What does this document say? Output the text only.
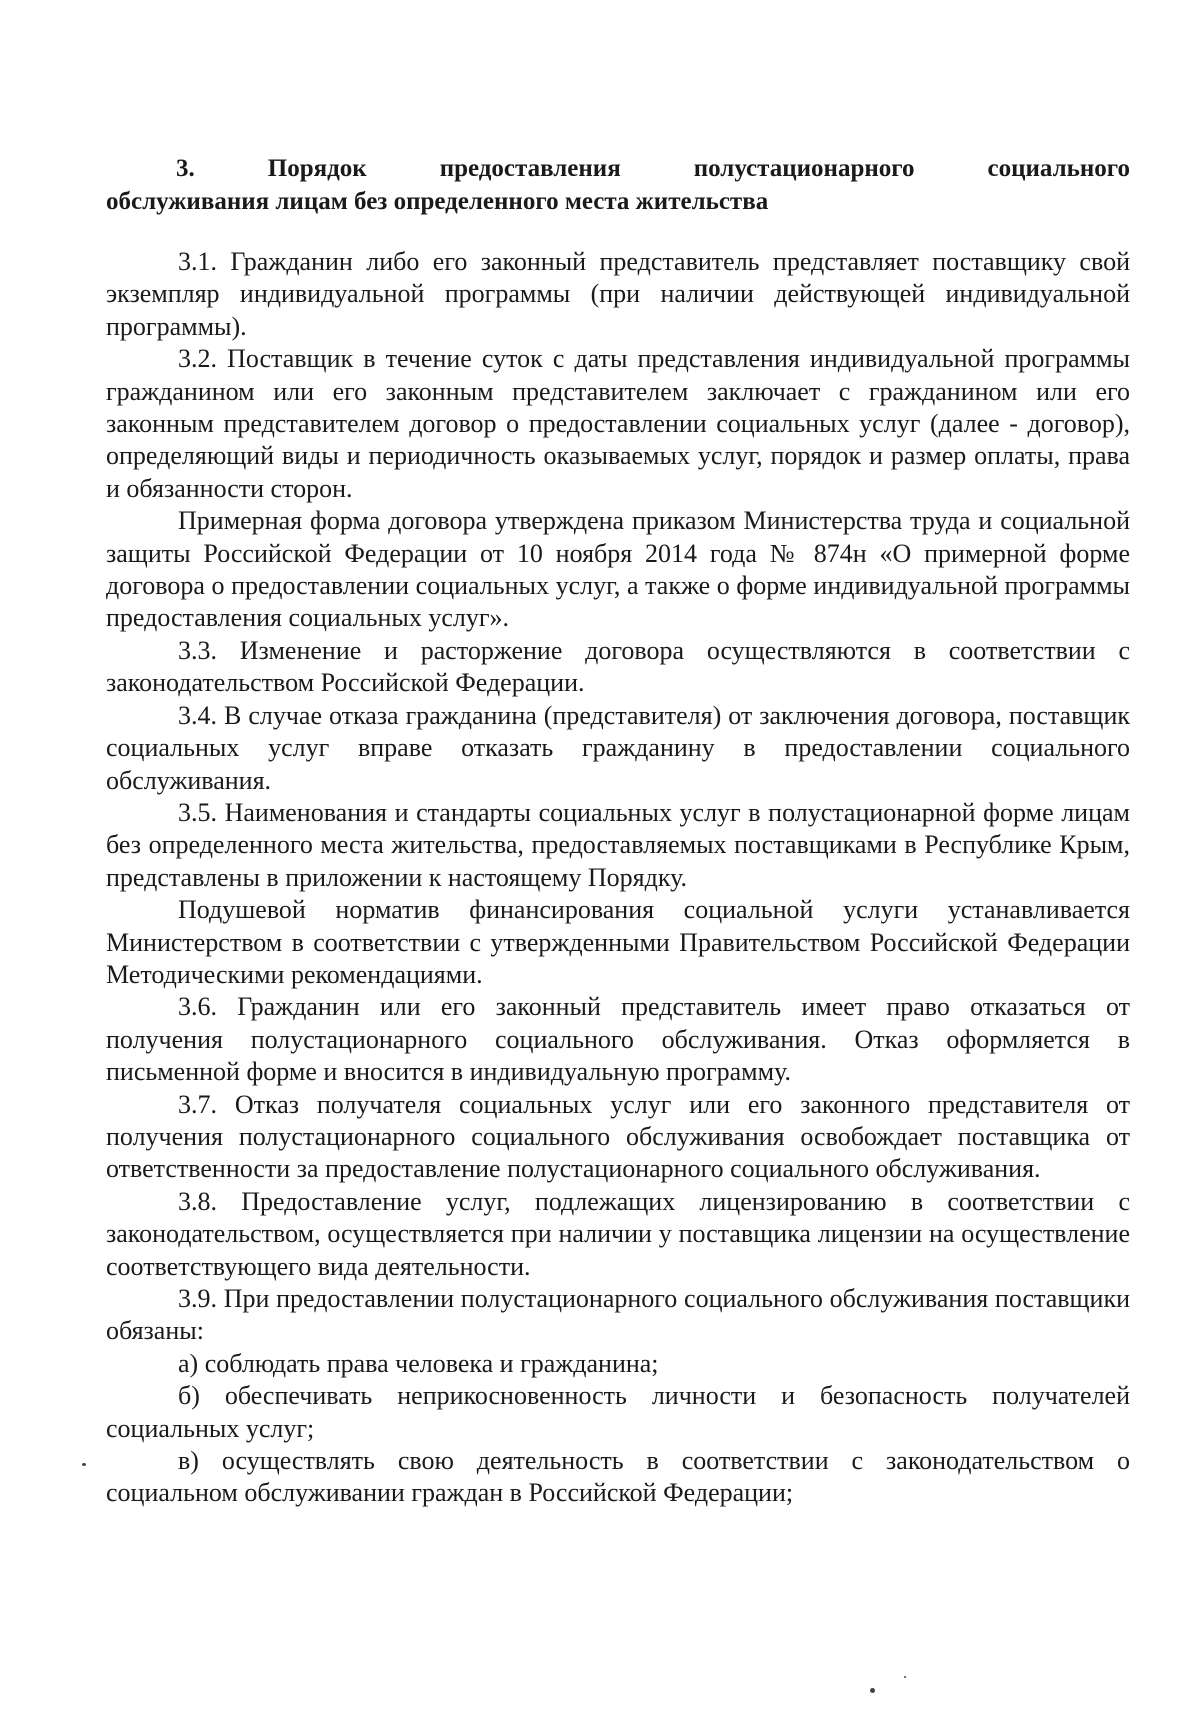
3.	Порядок	предоставления	полустационарного	социального
обслуживания лицам без определенного места жительства

3.1. Гражданин либо его законный представитель представляет поставщику свой экземпляр индивидуальной программы (при наличии действующей индивидуальной программы).

3.2. Поставщик в течение суток с даты представления индивидуальной программы гражданином или его законным представителем заключает с гражданином или его законным представителем договор о предоставлении социальных услуг (далее - договор), определяющий виды и периодичность оказываемых услуг, порядок и размер оплаты, права и обязанности сторон.

Примерная форма договора утверждена приказом Министерства труда и социальной защиты Российской Федерации от 10 ноября 2014 года № 874н «О примерной форме договора о предоставлении социальных услуг, а также о форме индивидуальной программы предоставления социальных услуг».

3.3. Изменение и расторжение договора осуществляются в соответствии с законодательством Российской Федерации.

3.4. В случае отказа гражданина (представителя) от заключения договора, поставщик социальных услуг вправе отказать гражданину в предоставлении социального обслуживания.

3.5. Наименования и стандарты социальных услуг в полустационарной форме лицам без определенного места жительства, предоставляемых поставщиками в Республике Крым, представлены в приложении к настоящему Порядку.

Подушевой норматив финансирования социальной услуги устанавливается Министерством в соответствии с утвержденными Правительством Российской Федерации Методическими рекомендациями.

3.6. Гражданин или его законный представитель имеет право отказаться от получения полустационарного социального обслуживания. Отказ оформляется в письменной форме и вносится в индивидуальную программу.

3.7. Отказ получателя социальных услуг или его законного представителя от получения полустационарного социального обслуживания освобождает поставщика от ответственности за предоставление полустационарного социального обслуживания.

3.8. Предоставление услуг, подлежащих лицензированию в соответствии с законодательством, осуществляется при наличии у поставщика лицензии на осуществление соответствующего вида деятельности.

3.9. При предоставлении полустационарного социального обслуживания поставщики обязаны:

а) соблюдать права человека и гражданина;

б) обеспечивать неприкосновенность личности и безопасность получателей социальных услуг;

в) осуществлять свою деятельность в соответствии с законодательством о социальном обслуживании граждан в Российской Федерации;
